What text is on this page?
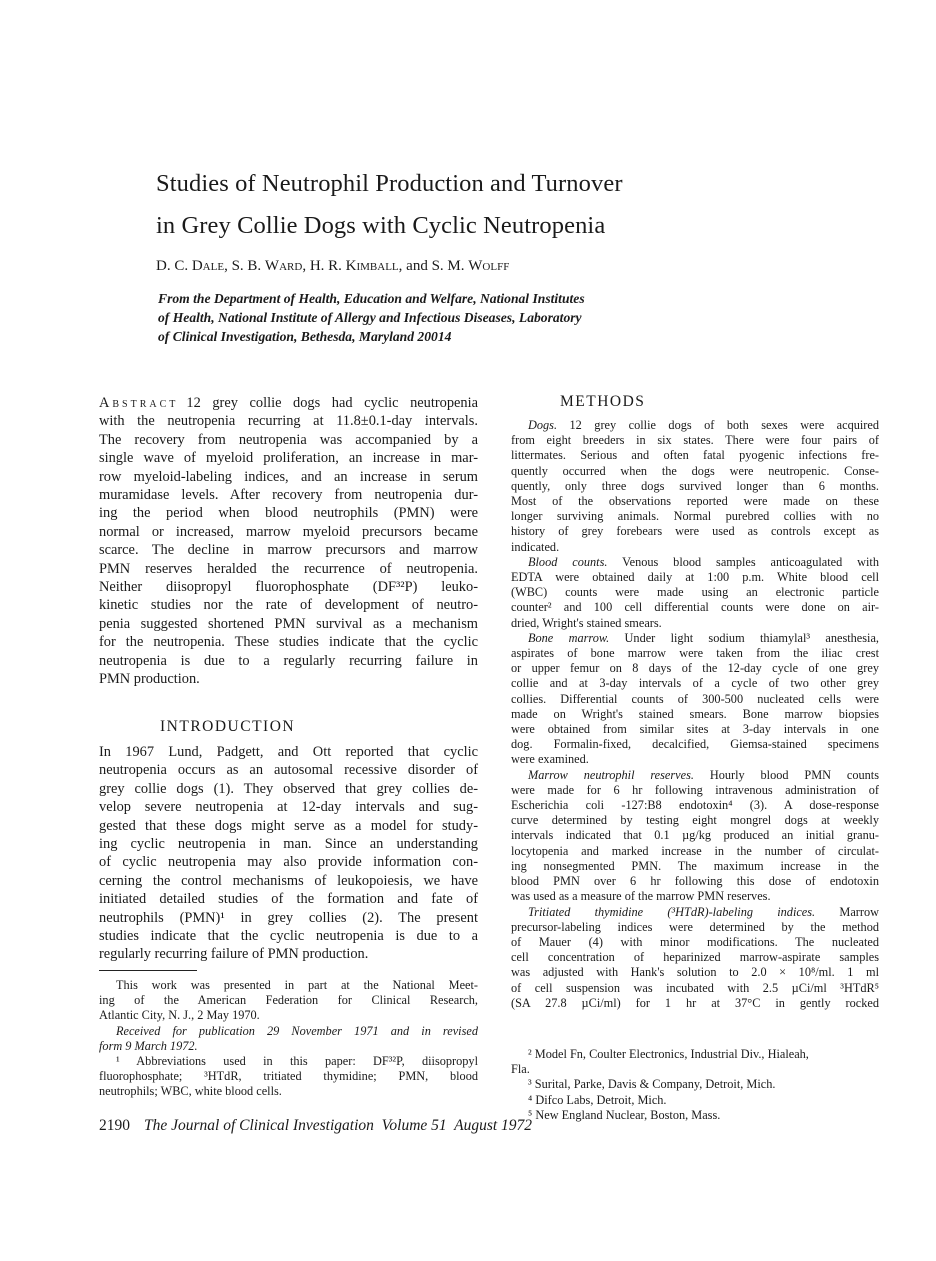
Studies of Neutrophil Production and Turnover
in Grey Collie Dogs with Cyclic Neutropenia
D. C. Dale, S. B. Ward, H. R. Kimball, and S. M. Wolff
From the Department of Health, Education and Welfare, National Institutes
of Health, National Institute of Allergy and Infectious Diseases, Laboratory
of Clinical Investigation, Bethesda, Maryland 20014
Abstract 12 grey collie dogs had cyclic neutropenia
with the neutropenia recurring at 11.8±0.1-day intervals.
The recovery from neutropenia was accompanied by a
single wave of myeloid proliferation, an increase in mar-
row myeloid-labeling indices, and an increase in serum
muramidase levels. After recovery from neutropenia dur-
ing the period when blood neutrophils (PMN) were
normal or increased, marrow myeloid precursors became
scarce. The decline in marrow precursors and marrow
PMN reserves heralded the recurrence of neutropenia.
Neither diisopropyl fluorophosphate (DF³²P) leuko-
kinetic studies nor the rate of development of neutro-
penia suggested shortened PMN survival as a mechanism
for the neutropenia. These studies indicate that the cyclic
neutropenia is due to a regularly recurring failure in
PMN production.
INTRODUCTION
In 1967 Lund, Padgett, and Ott reported that cyclic
neutropenia occurs as an autosomal recessive disorder of
grey collie dogs (1). They observed that grey collies de-
velop severe neutropenia at 12-day intervals and sug-
gested that these dogs might serve as a model for study-
ing cyclic neutropenia in man. Since an understanding
of cyclic neutropenia may also provide information con-
cerning the control mechanisms of leukopoiesis, we have
initiated detailed studies of the formation and fate of
neutrophils (PMN)¹ in grey collies (2). The present
studies indicate that the cyclic neutropenia is due to a
regularly recurring failure of PMN production.
This work was presented in part at the National Meet-
ing of the American Federation for Clinical Research,
Atlantic City, N. J., 2 May 1970.
Received for publication 29 November 1971 and in revised
form 9 March 1972.
¹ Abbreviations used in this paper: DF³²P, diisopropyl
fluorophosphate; ³HTdR, tritiated thymidine; PMN, blood
neutrophils; WBC, white blood cells.
METHODS
Dogs. 12 grey collie dogs of both sexes were acquired
from eight breeders in six states. There were four pairs of
littermates. Serious and often fatal pyogenic infections fre-
quently occurred when the dogs were neutropenic. Conse-
quently, only three dogs survived longer than 6 months.
Most of the observations reported were made on these
longer surviving animals. Normal purebred collies with no
history of grey forebears were used as controls except as
indicated.
Blood counts. Venous blood samples anticoagulated with
EDTA were obtained daily at 1:00 p.m. White blood cell
(WBC) counts were made using an electronic particle
counter² and 100 cell differential counts were done on air-
dried, Wright's stained smears.
Bone marrow. Under light sodium thiamylal³ anesthesia,
aspirates of bone marrow were taken from the iliac crest
or upper femur on 8 days of the 12-day cycle of one grey
collie and at 3-day intervals of a cycle of two other grey
collies. Differential counts of 300-500 nucleated cells were
made on Wright's stained smears. Bone marrow biopsies
were obtained from similar sites at 3-day intervals in one
dog. Formalin-fixed, decalcified, Giemsa-stained specimens
were examined.
Marrow neutrophil reserves. Hourly blood PMN counts
were made for 6 hr following intravenous administration of
Escherichia coli -127:B8 endotoxin⁴ (3). A dose-response
curve determined by testing eight mongrel dogs at weekly
intervals indicated that 0.1 µg/kg produced an initial granu-
locytopenia and marked increase in the number of circulat-
ing nonsegmented PMN. The maximum increase in the
blood PMN over 6 hr following this dose of endotoxin
was used as a measure of the marrow PMN reserves.
Tritiated thymidine (³HTdR)-labeling indices. Marrow
precursor-labeling indices were determined by the method
of Mauer (4) with minor modifications. The nucleated
cell concentration of heparinized marrow-aspirate samples
was adjusted with Hank's solution to 2.0 × 10⁸/ml. 1 ml
of cell suspension was incubated with 2.5 µCi/ml ³HTdR⁵
(SA 27.8 µCi/ml) for 1 hr at 37°C in gently rocked
² Model Fn, Coulter Electronics, Industrial Div., Hialeah,
Fla.
³ Surital, Parke, Davis & Company, Detroit, Mich.
⁴ Difco Labs, Detroit, Mich.
⁵ New England Nuclear, Boston, Mass.
2190 The Journal of Clinical Investigation  Volume 51  August 1972
